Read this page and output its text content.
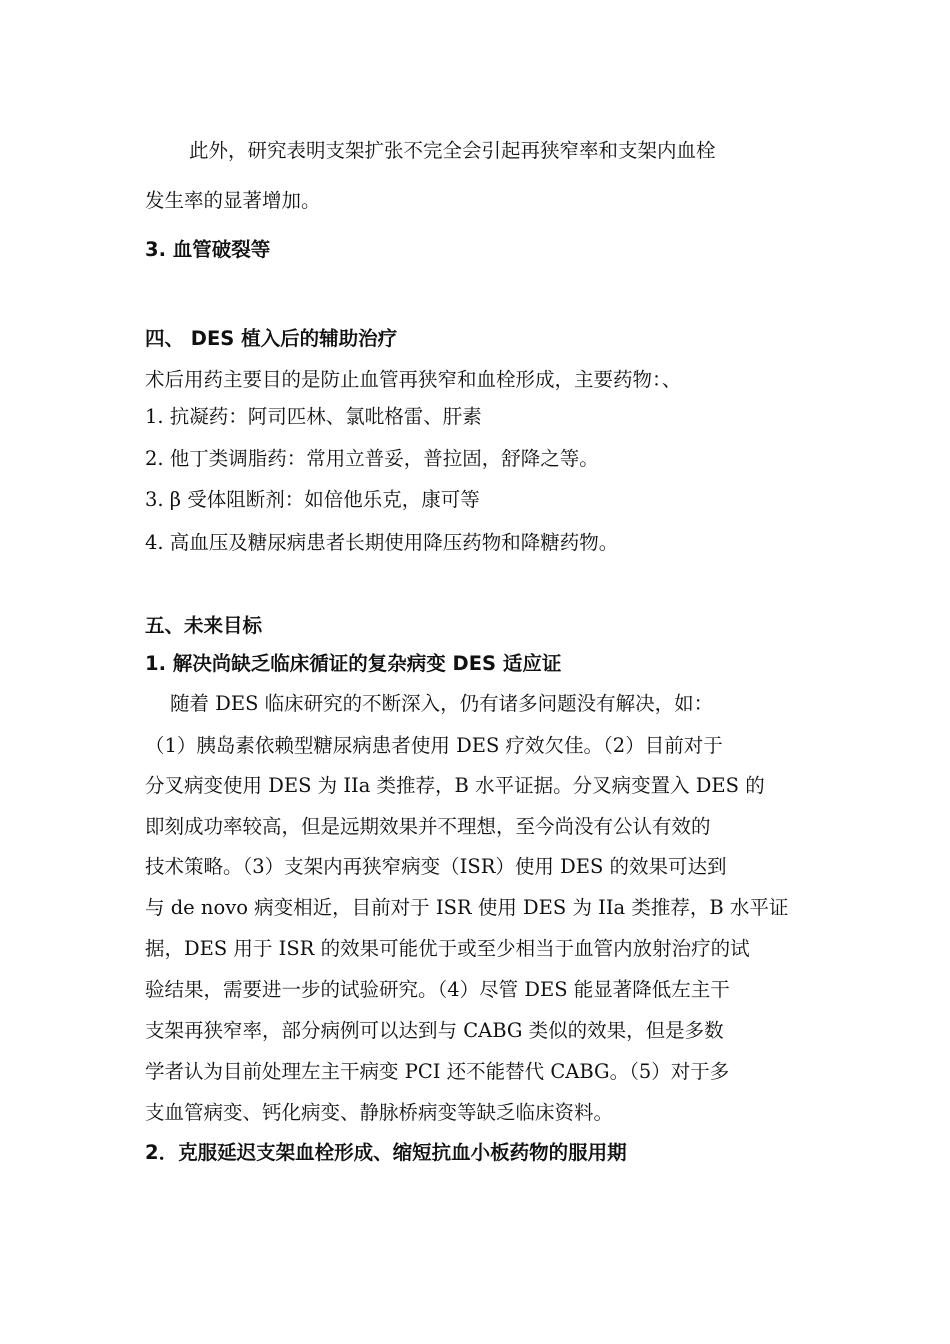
此外，研究表明支架扩张不完全会引起再狭窄率和支架内血栓

发生率的显著增加。

3. 血管破裂等

四、 DES 植入后的辅助治疗

术后用药主要目的是防止血管再狭窄和血栓形成，主要药物：、

1. 抗凝药：阿司匹林、氯吡格雷、肝素

2. 他丁类调脂药：常用立普妥，普拉固，舒降之等。

3. β 受体阻断剂：如倍他乐克，康可等

4. 高血压及糖尿病患者长期使用降压药物和降糖药物。

五、未来目标

1. 解决尚缺乏临床循证的复杂病变 DES 适应证

随着 DES 临床研究的不断深入，仍有诸多问题没有解决，如：

（1）胰岛素依赖型糖尿病患者使用 DES 疗效欠佳。（2）目前对于

分叉病变使用 DES 为 IIa 类推荐，B 水平证据。分叉病变置入 DES 的

即刻成功率较高，但是远期效果并不理想，至今尚没有公认有效的

技术策略。（3）支架内再狭窄病变（ISR）使用 DES 的效果可达到

与 de novo 病变相近，目前对于 ISR 使用 DES 为 IIa 类推荐，B 水平证

据，DES 用于 ISR 的效果可能优于或至少相当于血管内放射治疗的试

验结果，需要进一步的试验研究。（4）尽管 DES 能显著降低左主干

支架再狭窄率，部分病例可以达到与 CABG 类似的效果，但是多数

学者认为目前处理左主干病变 PCI 还不能替代 CABG。（5）对于多

支血管病变、钙化病变、静脉桥病变等缺乏临床资料。

2．克服延迟支架血栓形成、缩短抗血小板药物的服用期
